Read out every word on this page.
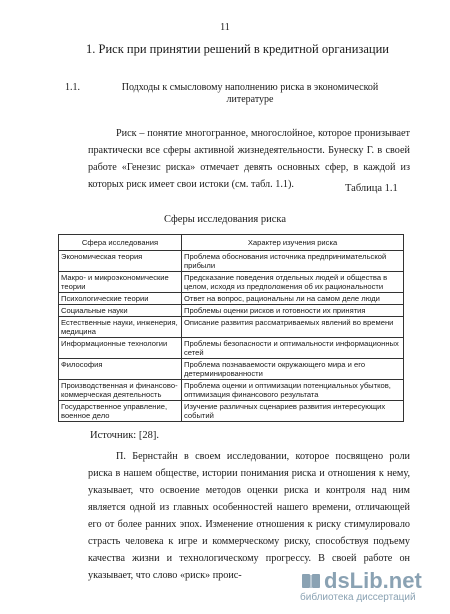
11
1. Риск при принятии решений в кредитной организации
1.1.	Подходы к смысловому наполнению риска в экономической литературе
Риск – понятие многогранное, многослойное, которое пронизывает практически все сферы активной жизнедеятельности. Бунеску Г. в своей работе «Генезис риска» отмечает девять основных сфер, в каждой из которых риск имеет свои истоки (см. табл. 1.1).	Таблица 1.1
Сферы исследования риска
Сфера исследования	Характер изучения риска
Экономическая теория	Проблема обоснования источника предпринимательской прибыли
Макро- и микроэкономические теории	Предсказание поведения отдельных людей и общества в целом, исходя из предположения об их рациональности
Психологические теории	Ответ на вопрос, рациональны ли на самом деле люди
Социальные науки	Проблемы оценки рисков и готовности их принятия
Естественные науки, инженерия, медицина	Описание развития рассматриваемых явлений во времени
Информационные технологии	Проблемы безопасности и оптимальности информационных сетей
Философия	Проблема познаваемости окружающего мира и его детерминированности
Производственная и финансово-коммерческая деятельность	Проблема оценки и оптимизации потенциальных убытков, оптимизация финансового результата
Государственное управление, военное дело	Изучение различных сценариев развития интересующих событий
Источник: [28].
П. Бернстайн в своем исследовании, которое посвящено роли риска в нашем обществе, истории понимания риска и отношения к нему, указывает, что освоение методов оценки риска и контроля над ним является одной из главных особенностей нашего времени, отличающей его от более ранних эпох. Изменение отношения к риску стимулировало страсть человека к игре и коммерческому риску, способствуя подъему качества жизни и технологическому прогрессу. В своей работе он указывает, что слово «риск» проис-	dsLib.net
библиотека диссертаций
